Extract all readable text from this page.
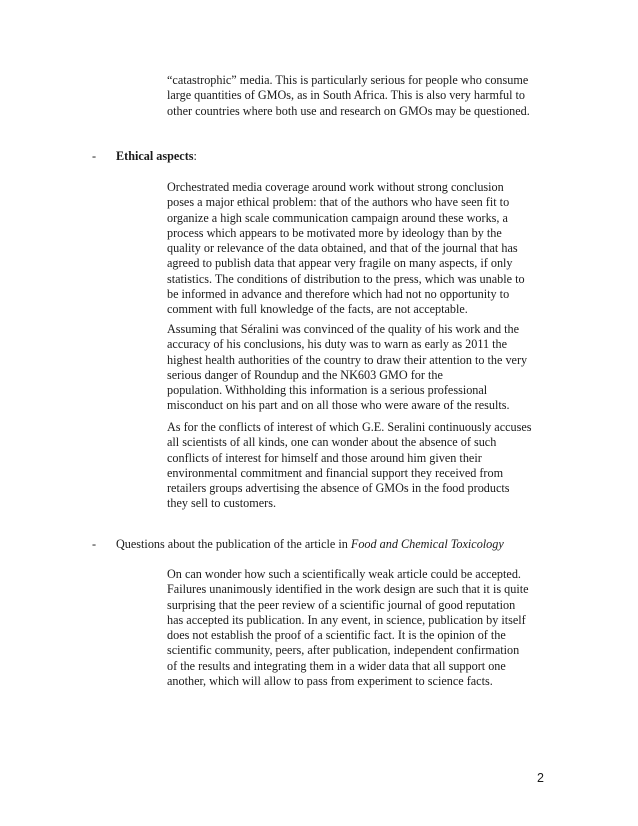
“catastrophic” media. This is particularly serious for people who consume
large quantities of GMOs, as in South Africa. This is also very harmful to
other countries where both use and research on GMOs may be questioned.
- Ethical aspects:
Orchestrated media coverage around work without strong conclusion
poses a major ethical problem: that of the authors who have seen fit to
organize a high scale communication campaign around these works, a
process which appears to be motivated more by ideology than by the
quality or relevance of the data obtained, and that of the journal that has
agreed to publish data that appear very fragile on many aspects, if only
statistics. The conditions of distribution to the press, which was unable to
be informed in advance and therefore which had not no opportunity to
comment with full knowledge of the facts, are not acceptable.
Assuming that Séralini was convinced of the quality of his work and the
accuracy of his conclusions, his duty was to warn as early as 2011 the
highest health authorities of the country to draw their attention to the very
serious danger of Roundup and the NK603 GMO for the
population. Withholding this information is a serious professional
misconduct on his part and on all those who were aware of the results.
As for the conflicts of interest of which G.E. Seralini continuously accuses
all scientists of all kinds, one can wonder about the absence of such
conflicts of interest for himself and those around him given their
environmental commitment and financial support they received from
retailers groups advertising the absence of GMOs in the food products
they sell to customers.
- Questions about the publication of the article in Food and Chemical Toxicology
On can wonder how such a scientifically weak article could be accepted.
Failures unanimously identified in the work design are such that it is quite
surprising that the peer review of a scientific journal of good reputation
has accepted its publication. In any event, in science, publication by itself
does not establish the proof of a scientific fact. It is the opinion of the
scientific community, peers, after publication, independent confirmation
of the results and integrating them in a wider data that all support one
another, which will allow to pass from experiment to science facts.
2
